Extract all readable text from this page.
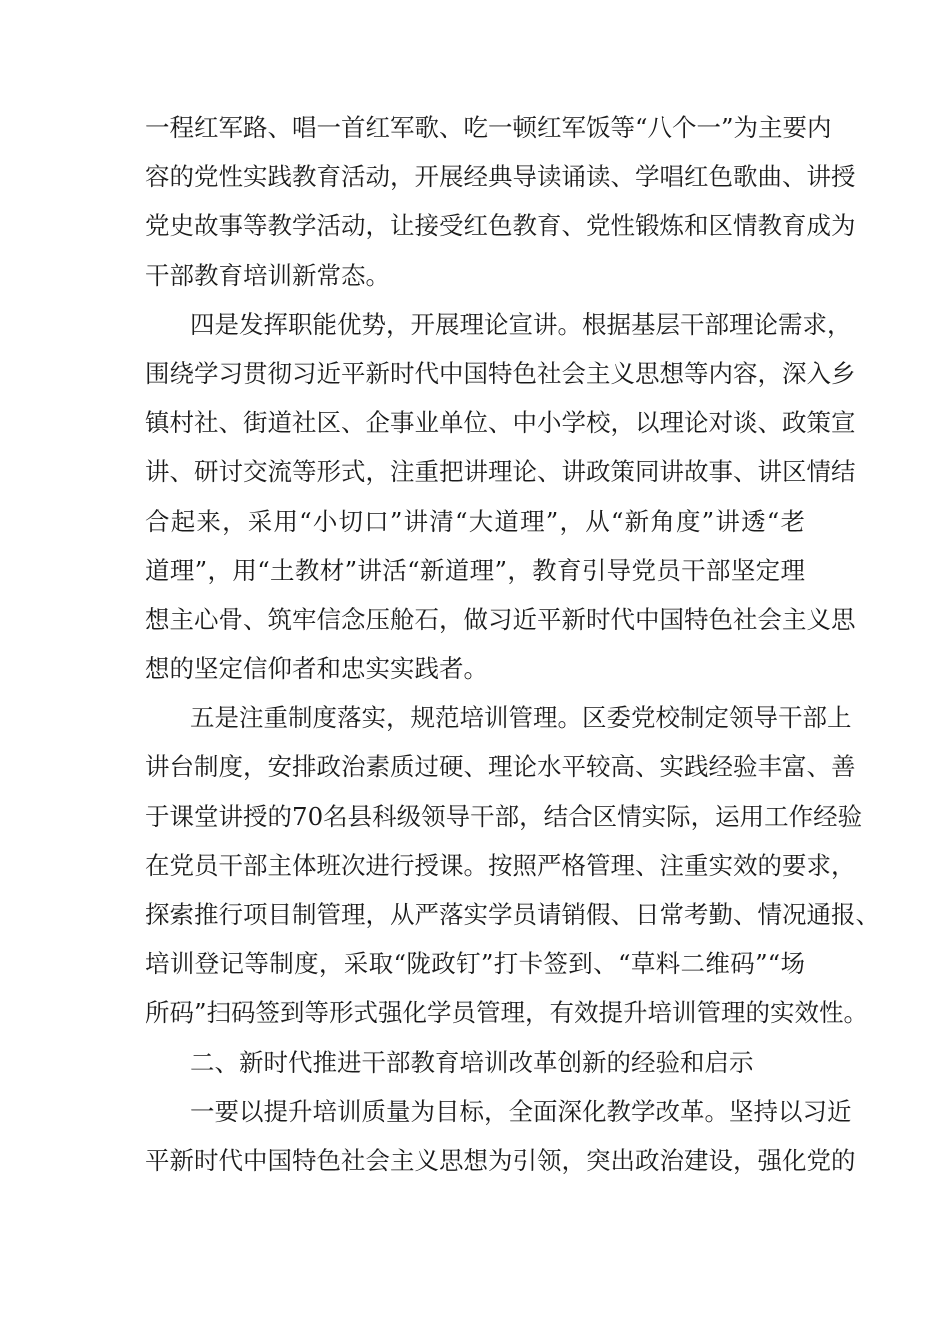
一程红军路、唱一首红军歌、吃一顿红军饭等“八个一”为主要内
容的党性实践教育活动，开展经典导读诵读、学唱红色歌曲、讲授
党史故事等教学活动，让接受红色教育、党性锻炼和区情教育成为
干部教育培训新常态。
四是发挥职能优势，开展理论宣讲。根据基层干部理论需求，
围绕学习贯彻习近平新时代中国特色社会主义思想等内容，深入乡
镇村社、街道社区、企事业单位、中小学校，以理论对谈、政策宣
讲、研讨交流等形式，注重把讲理论、讲政策同讲故事、讲区情结
合起来，采用“小切口”讲清“大道理”，从“新角度”讲透“老
道理”，用“土教材”讲活“新道理”，教育引导党员干部坚定理
想主心骨、筑牢信念压舱石，做习近平新时代中国特色社会主义思
想的坚定信仰者和忠实实践者。
五是注重制度落实，规范培训管理。区委党校制定领导干部上
讲台制度，安排政治素质过硬、理论水平较高、实践经验丰富、善
于课堂讲授的70名县科级领导干部，结合区情实际，运用工作经验
在党员干部主体班次进行授课。按照严格管理、注重实效的要求，
探索推行项目制管理，从严落实学员请销假、日常考勤、情况通报、
培训登记等制度，采取“陇政钉”打卡签到、“草料二维码”“场
所码”扫码签到等形式强化学员管理，有效提升培训管理的实效性。
二、新时代推进干部教育培训改革创新的经验和启示
一要以提升培训质量为目标，全面深化教学改革。坚持以习近
平新时代中国特色社会主义思想为引领，突出政治建设，强化党的
